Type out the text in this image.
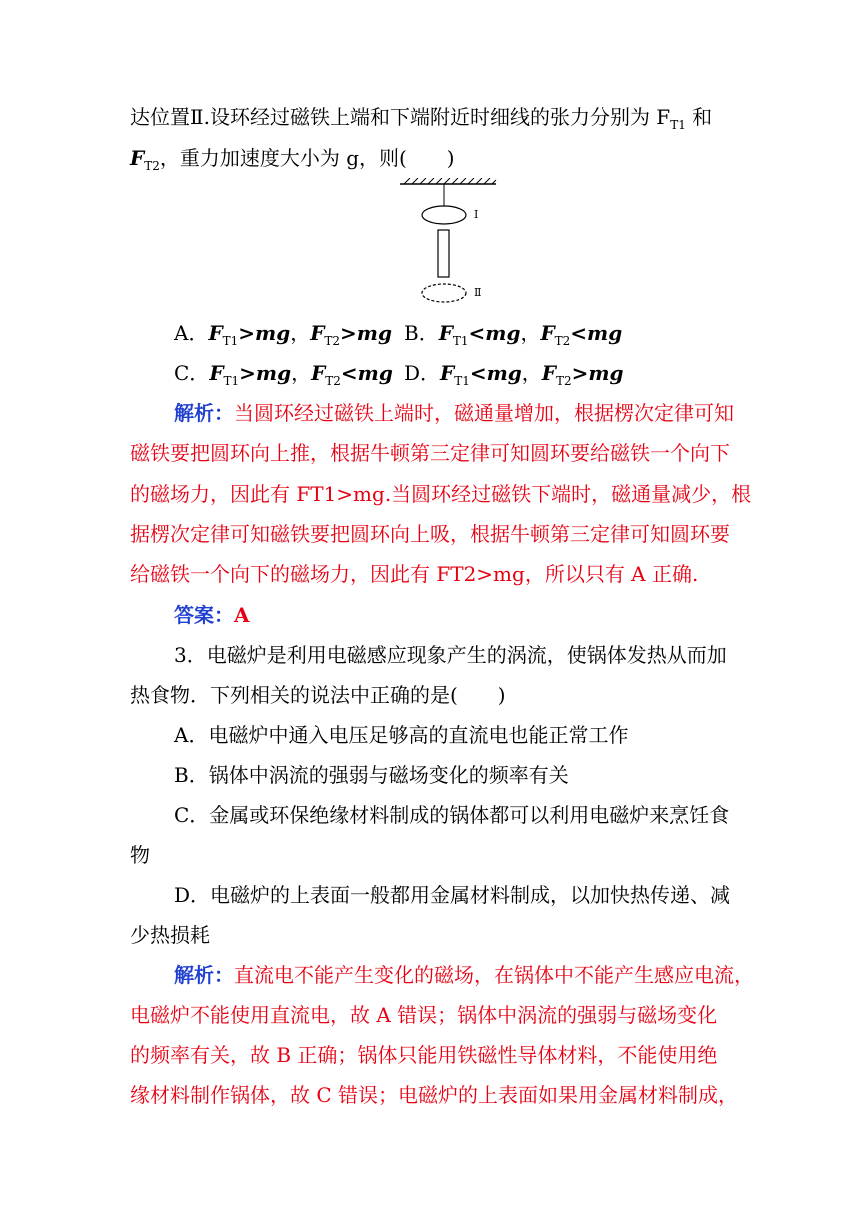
达位置Ⅱ.设环经过磁铁上端和下端附近时细线的张力分别为 $F_{T1}$ 和
$F_{T2}$，重力加速度大小为 g，则(　　)
Ⅰ
Ⅱ
A．$F_{T1}>mg$，$F_{T2}>mg$ B．$F_{T1}<mg$，$F_{T2}<mg$
C．$F_{T1}>mg$，$F_{T2}<mg$ D．$F_{T1}<mg$，$F_{T2}>mg$
解析：当圆环经过磁铁上端时，磁通量增加，根据楞次定律可知
磁铁要把圆环向上推，根据牛顿第三定律可知圆环要给磁铁一个向下
的磁场力，因此有 FT1>mg.当圆环经过磁铁下端时，磁通量减少，根
据楞次定律可知磁铁要把圆环向上吸，根据牛顿第三定律可知圆环要
给磁铁一个向下的磁场力，因此有 FT2>mg，所以只有 A 正确.
答案：A
3．电磁炉是利用电磁感应现象产生的涡流，使锅体发热从而加
热食物．下列相关的说法中正确的是(　　)
A．电磁炉中通入电压足够高的直流电也能正常工作
B．锅体中涡流的强弱与磁场变化的频率有关
C．金属或环保绝缘材料制成的锅体都可以利用电磁炉来烹饪食
物
D．电磁炉的上表面一般都用金属材料制成，以加快热传递、减
少热损耗
解析：直流电不能产生变化的磁场，在锅体中不能产生感应电流，
电磁炉不能使用直流电，故 A 错误；锅体中涡流的强弱与磁场变化
的频率有关，故 B 正确；锅体只能用铁磁性导体材料，不能使用绝
缘材料制作锅体，故 C 错误；电磁炉的上表面如果用金属材料制成，
